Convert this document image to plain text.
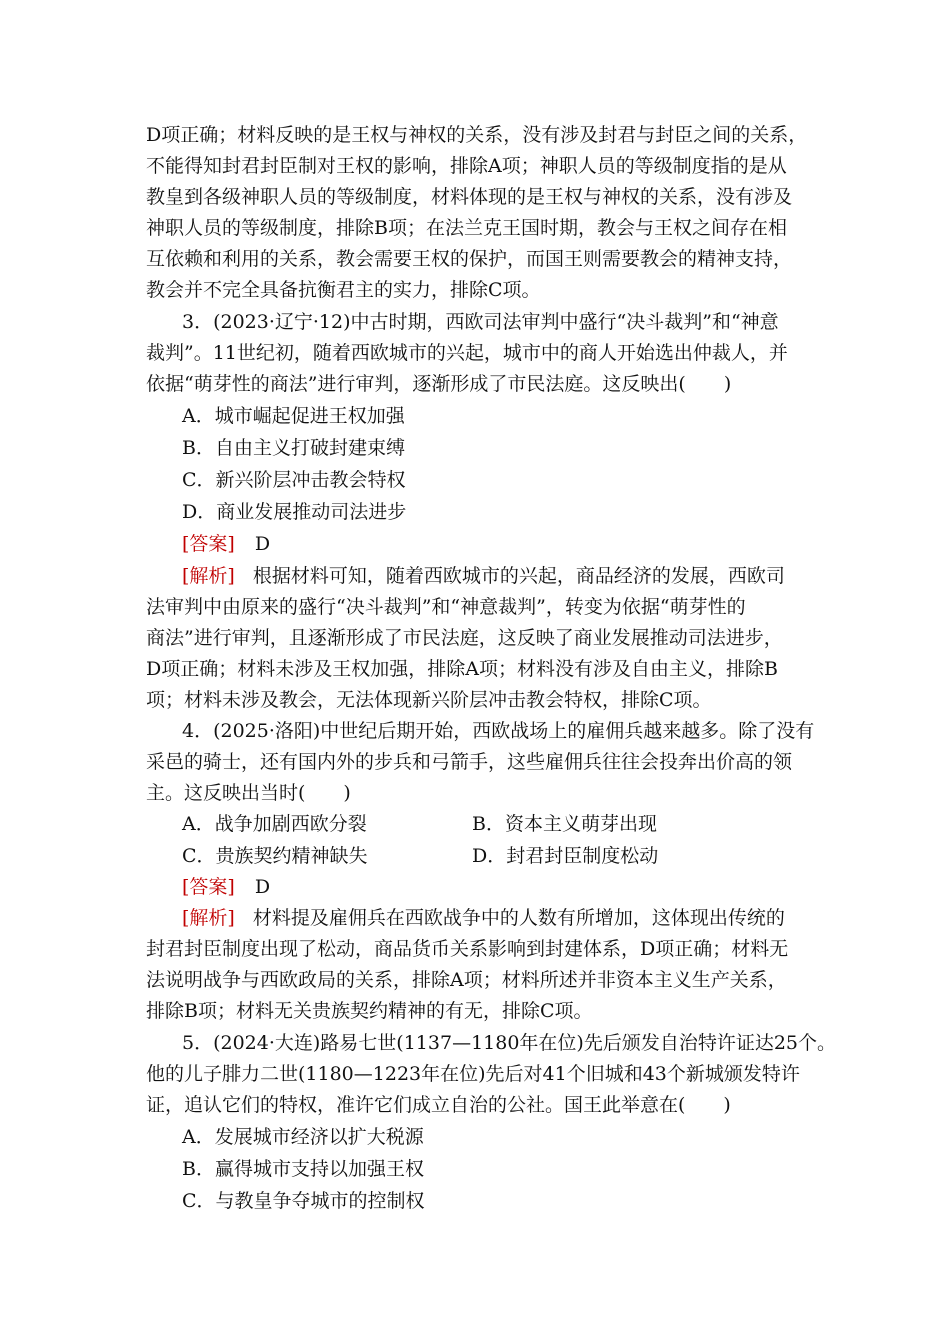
D项正确；材料反映的是王权与神权的关系，没有涉及封君与封臣之间的关系，
不能得知封君封臣制对王权的影响，排除A项；神职人员的等级制度指的是从
教皇到各级神职人员的等级制度，材料体现的是王权与神权的关系，没有涉及
神职人员的等级制度，排除B项；在法兰克王国时期，教会与王权之间存在相
互依赖和利用的关系，教会需要王权的保护，而国王则需要教会的精神支持，
教会并不完全具备抗衡君主的实力，排除C项。
3．(2023·辽宁·12)中古时期，西欧司法审判中盛行“决斗裁判”和“神意
裁判”。11世纪初，随着西欧城市的兴起，城市中的商人开始选出仲裁人，并
依据“萌芽性的商法”进行审判，逐渐形成了市民法庭。这反映出(　　)
A．城市崛起促进王权加强
B．自由主义打破封建束缚
C．新兴阶层冲击教会特权
D．商业发展推动司法进步
[答案] D
[解析] 根据材料可知，随着西欧城市的兴起，商品经济的发展，西欧司
法审判中由原来的盛行“决斗裁判”和“神意裁判”，转变为依据“萌芽性的
商法”进行审判，且逐渐形成了市民法庭，这反映了商业发展推动司法进步，
D项正确；材料未涉及王权加强，排除A项；材料没有涉及自由主义，排除B
项；材料未涉及教会，无法体现新兴阶层冲击教会特权，排除C项。
4．(2025·洛阳)中世纪后期开始，西欧战场上的雇佣兵越来越多。除了没有
采邑的骑士，还有国内外的步兵和弓箭手，这些雇佣兵往往会投奔出价高的领
主。这反映出当时(　　)
A．战争加剧西欧分裂	B．资本主义萌芽出现
C．贵族契约精神缺失	D．封君封臣制度松动
[答案] D
[解析] 材料提及雇佣兵在西欧战争中的人数有所增加，这体现出传统的
封君封臣制度出现了松动，商品货币关系影响到封建体系，D项正确；材料无
法说明战争与西欧政局的关系，排除A项；材料所述并非资本主义生产关系，
排除B项；材料无关贵族契约精神的有无，排除C项。
5．(2024·大连)路易七世(1137—1180年在位)先后颁发自治特许证达25个。
他的儿子腓力二世(1180—1223年在位)先后对41个旧城和43个新城颁发特许
证，追认它们的特权，准许它们成立自治的公社。国王此举意在(　　)
A．发展城市经济以扩大税源
B．赢得城市支持以加强王权
C．与教皇争夺城市的控制权
